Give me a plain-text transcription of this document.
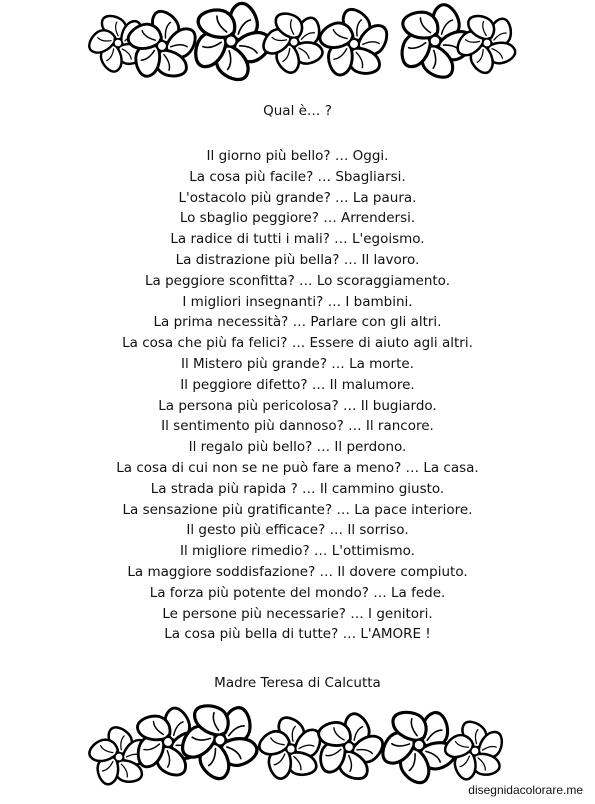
Qual è… ?
Il giorno più bello? … Oggi.
La cosa più facile? … Sbagliarsi.
L'ostacolo più grande? … La paura.
Lo sbaglio peggiore? … Arrendersi.
La radice di tutti i mali? … L'egoismo.
La distrazione più bella? … Il lavoro.
La peggiore sconfitta? … Lo scoraggiamento.
I migliori insegnanti? … I bambini.
La prima necessità? … Parlare con gli altri.
La cosa che più fa felici? … Essere di aiuto agli altri.
Il Mistero più grande? … La morte.
Il peggiore difetto? … Il malumore.
La persona più pericolosa? … Il bugiardo.
Il sentimento più dannoso? … Il rancore.
Il regalo più bello? … Il perdono.
La cosa di cui non se ne può fare a meno? … La casa.
La strada più rapida ? … Il cammino giusto.
La sensazione più gratificante? … La pace interiore.
Il gesto più efficace? … Il sorriso.
Il migliore rimedio? … L'ottimismo.
La maggiore soddisfazione? … Il dovere compiuto.
La forza più potente del mondo? … La fede.
Le persone più necessarie? … I genitori.
La cosa più bella di tutte? … L'AMORE !
Madre Teresa di Calcutta
disegnidacolorare.me
